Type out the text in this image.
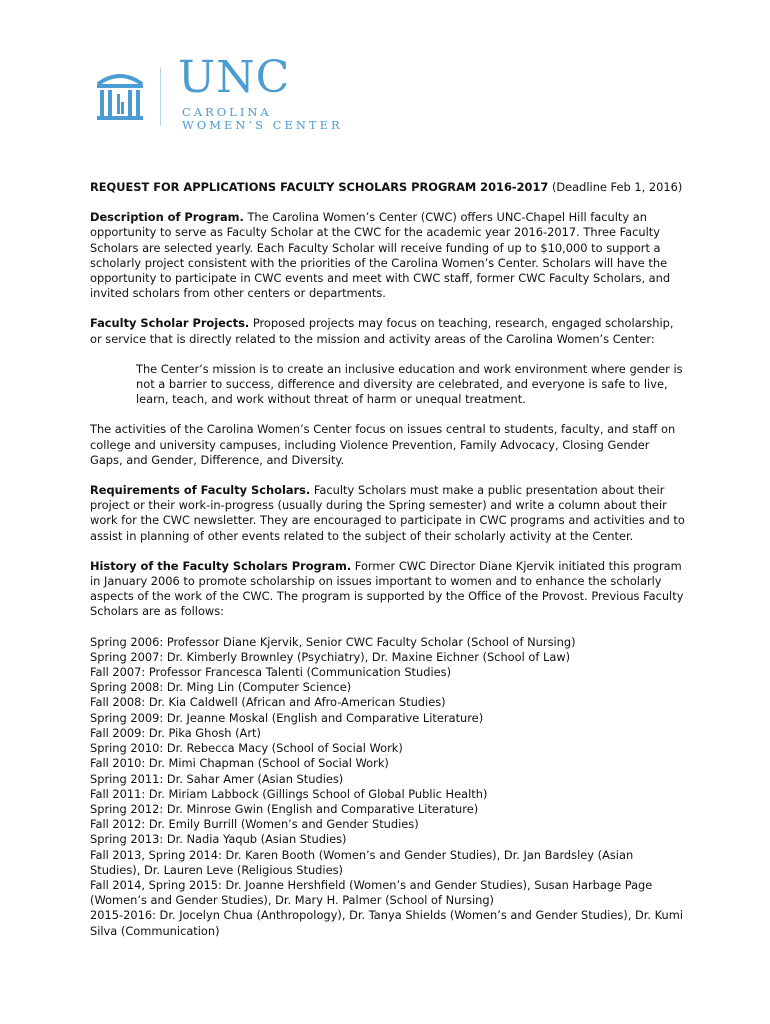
UNC
CAROLINA
WOMEN’S CENTER

REQUEST FOR APPLICATIONS FACULTY SCHOLARS PROGRAM 2016-2017 (Deadline Feb 1, 2016)

Description of Program. The Carolina Women’s Center (CWC) offers UNC-Chapel Hill faculty an opportunity to serve as Faculty Scholar at the CWC for the academic year 2016-2017. Three Faculty Scholars are selected yearly. Each Faculty Scholar will receive funding of up to $10,000 to support a scholarly project consistent with the priorities of the Carolina Women’s Center. Scholars will have the opportunity to participate in CWC events and meet with CWC staff, former CWC Faculty Scholars, and invited scholars from other centers or departments.

Faculty Scholar Projects. Proposed projects may focus on teaching, research, engaged scholarship, or service that is directly related to the mission and activity areas of the Carolina Women’s Center:

The Center’s mission is to create an inclusive education and work environment where gender is not a barrier to success, difference and diversity are celebrated, and everyone is safe to live, learn, teach, and work without threat of harm or unequal treatment.

The activities of the Carolina Women’s Center focus on issues central to students, faculty, and staff on college and university campuses, including Violence Prevention, Family Advocacy, Closing Gender Gaps, and Gender, Difference, and Diversity.

Requirements of Faculty Scholars. Faculty Scholars must make a public presentation about their project or their work-in-progress (usually during the Spring semester) and write a column about their work for the CWC newsletter. They are encouraged to participate in CWC programs and activities and to assist in planning of other events related to the subject of their scholarly activity at the Center.

History of the Faculty Scholars Program. Former CWC Director Diane Kjervik initiated this program in January 2006 to promote scholarship on issues important to women and to enhance the scholarly aspects of the work of the CWC. The program is supported by the Office of the Provost. Previous Faculty Scholars are as follows:

Spring 2006: Professor Diane Kjervik, Senior CWC Faculty Scholar (School of Nursing)

Spring 2007: Dr. Kimberly Brownley (Psychiatry), Dr. Maxine Eichner (School of Law)

Fall 2007: Professor Francesca Talenti (Communication Studies)

Spring 2008: Dr. Ming Lin (Computer Science)

Fall 2008: Dr. Kia Caldwell (African and Afro-American Studies)

Spring 2009: Dr. Jeanne Moskal (English and Comparative Literature)

Fall 2009: Dr. Pika Ghosh (Art)

Spring 2010: Dr. Rebecca Macy (School of Social Work)

Fall 2010: Dr. Mimi Chapman (School of Social Work)

Spring 2011: Dr. Sahar Amer (Asian Studies)

Fall 2011: Dr. Miriam Labbock (Gillings School of Global Public Health)

Spring 2012: Dr. Minrose Gwin (English and Comparative Literature)

Fall 2012: Dr. Emily Burrill (Women’s and Gender Studies)

Spring 2013: Dr. Nadia Yaqub (Asian Studies)

Fall 2013, Spring 2014: Dr. Karen Booth (Women’s and Gender Studies), Dr. Jan Bardsley (Asian Studies), Dr. Lauren Leve (Religious Studies)

Fall 2014, Spring 2015: Dr. Joanne Hershfield (Women’s and Gender Studies), Susan Harbage Page (Women’s and Gender Studies), Dr. Mary H. Palmer (School of Nursing)

2015-2016: Dr. Jocelyn Chua (Anthropology), Dr. Tanya Shields (Women’s and Gender Studies), Dr. Kumi Silva (Communication)
